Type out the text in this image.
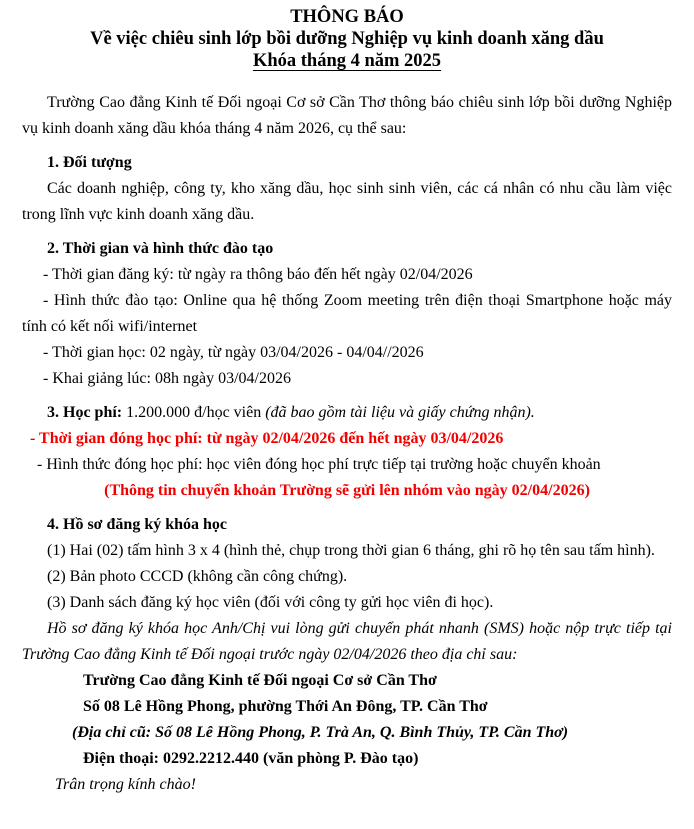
THÔNG BÁO
Về việc chiêu sinh lớp bồi dưỡng Nghiệp vụ kinh doanh xăng dầu
Khóa tháng 4 năm 2025

Trường Cao đẳng Kinh tế Đối ngoại Cơ sở Cần Thơ thông báo chiêu sinh lớp bồi dưỡng Nghiệp vụ kinh doanh xăng dầu khóa tháng 4 năm 2026, cụ thể sau:

1. Đối tượng

Các doanh nghiệp, công ty, kho xăng dầu, học sinh sinh viên, các cá nhân có nhu cầu làm việc trong lĩnh vực kinh doanh xăng dầu.

2. Thời gian và hình thức đào tạo

- Thời gian đăng ký: từ ngày ra thông báo đến hết ngày 02/04/2026

- Hình thức đào tạo: Online qua hệ thống Zoom meeting trên điện thoại Smartphone hoặc máy tính có kết nối wifi/internet

- Thời gian học: 02 ngày, từ ngày 03/04/2026 - 04/04//2026

- Khai giảng lúc: 08h ngày 03/04/2026

3. Học phí: 1.200.000 đ/học viên (đã bao gồm tài liệu và giấy chứng nhận).

- Thời gian đóng học phí: từ ngày 02/04/2026 đến hết ngày 03/04/2026

- Hình thức đóng học phí: học viên đóng học phí trực tiếp tại trường hoặc chuyển khoản

(Thông tin chuyển khoản Trường sẽ gửi lên nhóm vào ngày 02/04/2026)

4. Hồ sơ đăng ký khóa học

(1) Hai (02) tấm hình 3 x 4 (hình thẻ, chụp trong thời gian 6 tháng, ghi rõ họ tên sau tấm hình).

(2) Bản photo CCCD (không cần công chứng).

(3) Danh sách đăng ký học viên (đối với công ty gửi học viên đi học).

Hồ sơ đăng ký khóa học Anh/Chị vui lòng gửi chuyển phát nhanh (SMS) hoặc nộp trực tiếp tại Trường Cao đẳng Kinh tế Đối ngoại trước ngày 02/04/2026 theo địa chỉ sau:

Trường Cao đẳng Kinh tế Đối ngoại Cơ sở Cần Thơ

Số 08 Lê Hồng Phong, phường Thới An Đông, TP. Cần Thơ

(Địa chỉ cũ: Số 08 Lê Hồng Phong, P. Trà An, Q. Bình Thủy, TP. Cần Thơ)

Điện thoại: 0292.2212.440 (văn phòng P. Đào tạo)

Trân trọng kính chào!
